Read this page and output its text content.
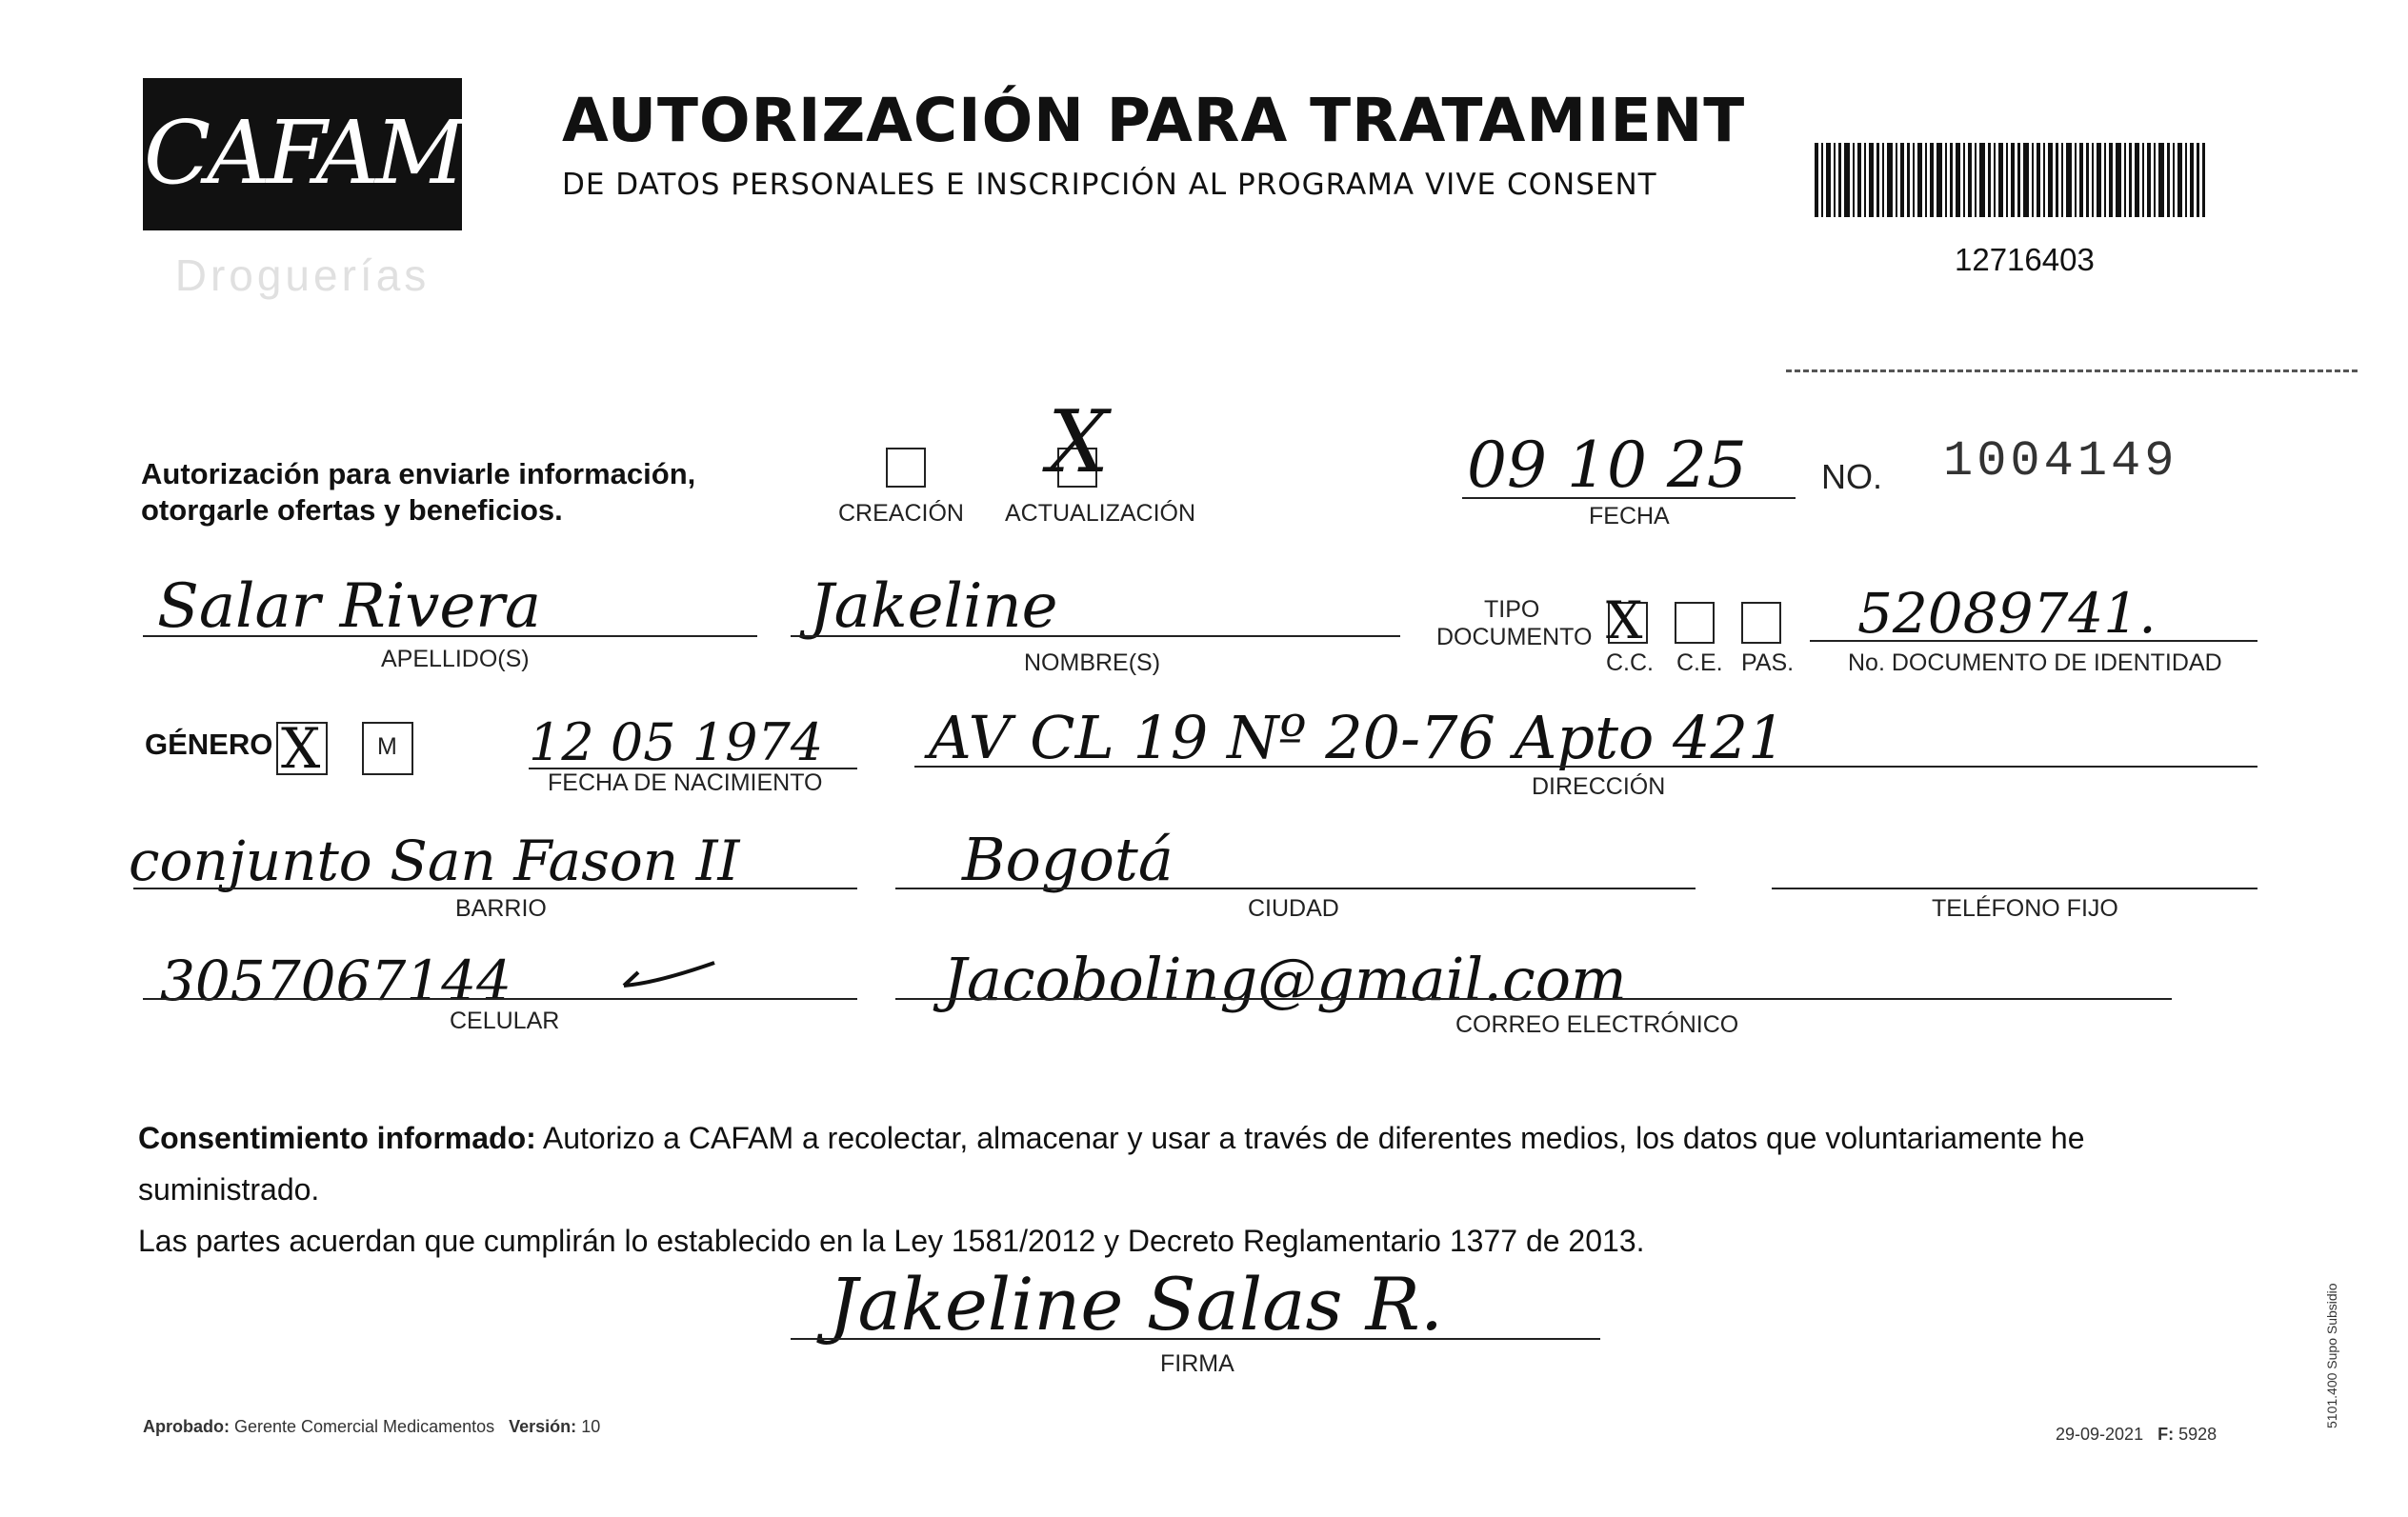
CAFAM
Droguerías
AUTORIZACIÓN PARA TRATAMIENT
DE DATOS PERSONALES E INSCRIPCIÓN AL PROGRAMA VIVE CONSENT
12716403
Autorización para enviarle información,
otorgarle ofertas y beneficios.	CREACIÓN
X
ACTUALIZACIÓN
09 10 25
FECHA
NO. 1004149
Salar Rivera
APELLIDO(S)
Jakeline
NOMBRE(S)
TIPO
DOCUMENTO X
C.C. C.E. PAS.
52089741.
No. DOCUMENTO DE IDENTIDAD
GÉNERO X M	12 05 1974
FECHA DE NACIMIENTO
AV CL 19 Nº 20-76 Apto 421
DIRECCIÓN
conjunto San Fason II
BARRIO
Bogotá
CIUDAD	TELÉFONO FIJO
3057067144
CELULAR
Jacoboling@gmail.com
CORREO ELECTRÓNICO
Consentimiento informado: Autorizo a CAFAM a recolectar, almacenar y usar a través de diferentes medios, los datos que voluntariamente he suministrado.
Las partes acuerdan que cumplirán lo establecido en la Ley 1581/2012 y Decreto Reglamentario 1377 de 2013.
Jakeline Salas R.
FIRMA
Aprobado: Gerente Comercial Medicamentos Versión: 10	29-09-2021 F: 5928
5101.400 Supo Subsidio
